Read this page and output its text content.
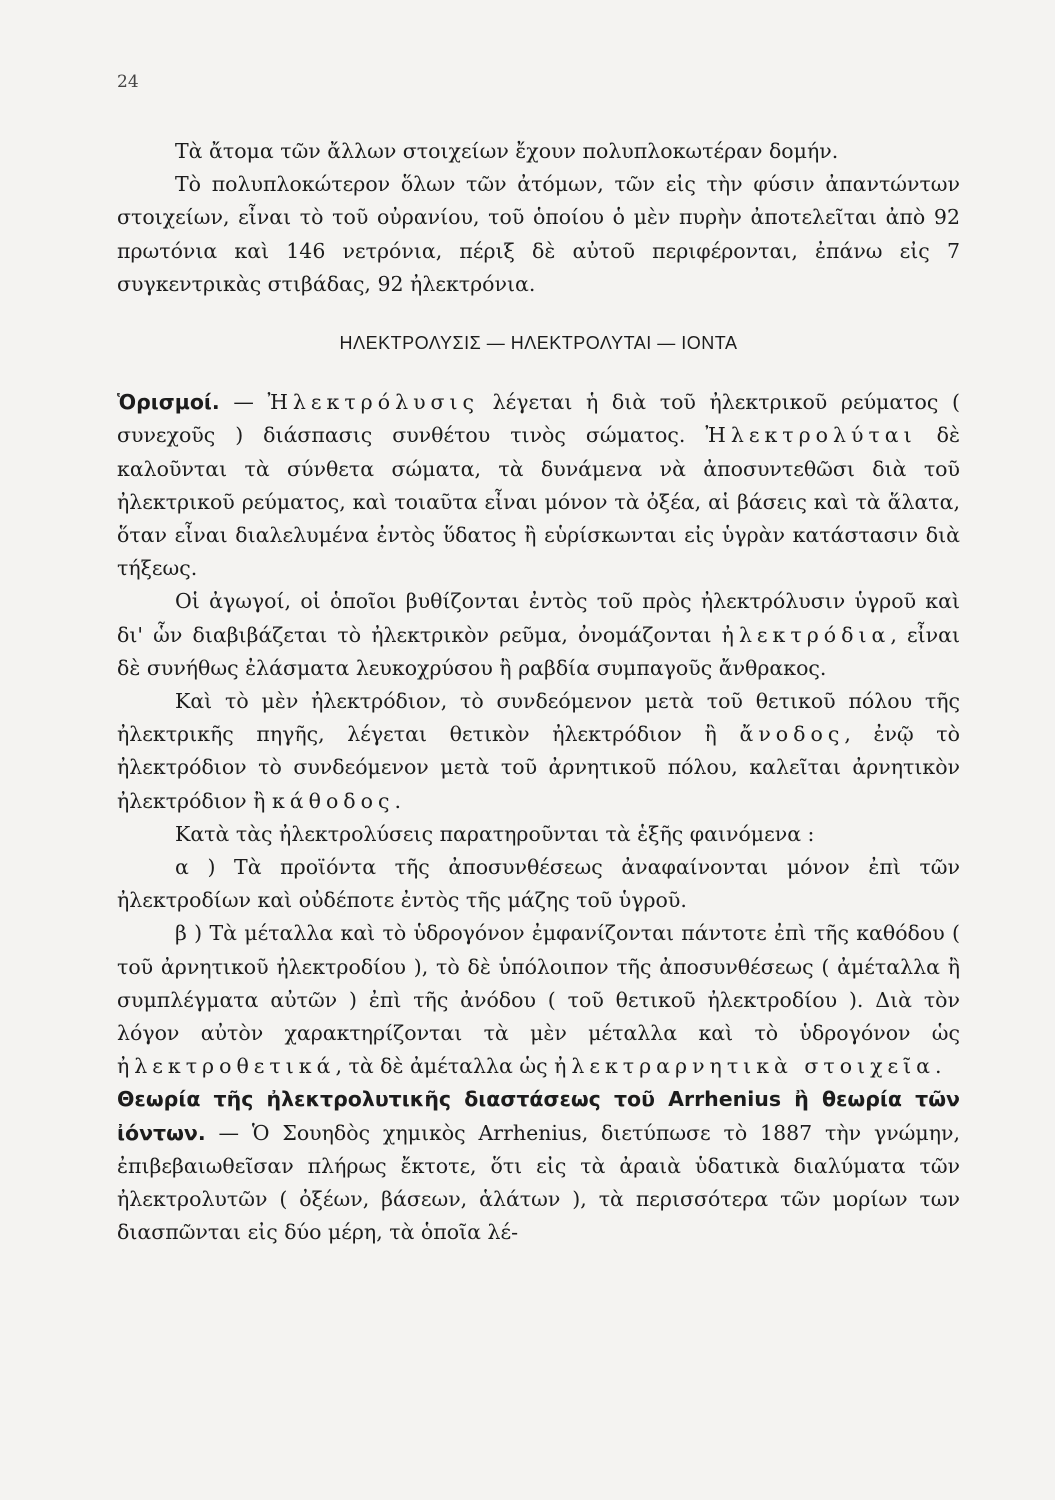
24

Τὰ ἄτομα τῶν ἄλλων στοιχείων ἔχουν πολυπλοκωτέραν δομήν.

Τὸ πολυπλοκώτερον ὅλων τῶν ἀτόμων, τῶν εἰς τὴν φύσιν ἀπαντώντων στοιχείων, εἶναι τὸ τοῦ οὐρανίου, τοῦ ὁποίου ὁ μὲν πυρὴν ἀποτελεῖται ἀπὸ 92 πρωτόνια καὶ 146 νετρόνια, πέριξ δὲ αὐτοῦ περιφέρονται, ἐπάνω εἰς 7 συγκεντρικὰς στιβάδας, 92 ἠλεκτρόνια.

ΗΛΕΚΤΡΟΛΥΣΙΣ — ΗΛΕΚΤΡΟΛΥΤΑΙ — ΙΟΝΤΑ

Ὁρισμοί. — Ἠλεκτρόλυσις λέγεται ἡ διὰ τοῦ ἠλεκτρικοῦ ρεύματος ( συνεχοῦς ) διάσπασις συνθέτου τινὸς σώματος. Ἠλεκτρολύται δὲ καλοῦνται τὰ σύνθετα σώματα, τὰ δυνάμενα νὰ ἀποσυντεθῶσι διὰ τοῦ ἠλεκτρικοῦ ρεύματος, καὶ τοιαῦτα εἶναι μόνον τὰ ὀξέα, αἱ βάσεις καὶ τὰ ἅλατα, ὅταν εἶναι διαλελυμένα ἐντὸς ὕδατος ἢ εὑρίσκωνται εἰς ὑγρὰν κατάστασιν διὰ τήξεως.

Οἱ ἀγωγοί, οἱ ὁποῖοι βυθίζονται ἐντὸς τοῦ πρὸς ἠλεκτρόλυσιν ὑγροῦ καὶ δι' ὧν διαβιβάζεται τὸ ἠλεκτρικὸν ρεῦμα, ὀνομάζονται ἠλεκτρόδια, εἶναι δὲ συνήθως ἐλάσματα λευκοχρύσου ἢ ραβδία συμπαγοῦς ἄνθρακος.

Καὶ τὸ μὲν ἠλεκτρόδιον, τὸ συνδεόμενον μετὰ τοῦ θετικοῦ πόλου τῆς ἠλεκτρικῆς πηγῆς, λέγεται θετικὸν ἠλεκτρόδιον ἢ ἄνοδος, ἐνῷ τὸ ἠλεκτρόδιον τὸ συνδεόμενον μετὰ τοῦ ἀρνητικοῦ πόλου, καλεῖται ἀρνητικὸν ἠλεκτρόδιον ἢ κάθοδος.

Κατὰ τὰς ἠλεκτρολύσεις παρατηροῦνται τὰ ἑξῆς φαινόμενα :

α ) Τὰ προϊόντα τῆς ἀποσυνθέσεως ἀναφαίνονται μόνον ἐπὶ τῶν ἠλεκτροδίων καὶ οὐδέποτε ἐντὸς τῆς μάζης τοῦ ὑγροῦ.

β ) Τὰ μέταλλα καὶ τὸ ὑδρογόνον ἐμφανίζονται πάντοτε ἐπὶ τῆς καθόδου ( τοῦ ἀρνητικοῦ ἠλεκτροδίου ), τὸ δὲ ὑπόλοιπον τῆς ἀποσυνθέσεως ( ἀμέταλλα ἢ συμπλέγματα αὐτῶν ) ἐπὶ τῆς ἀνόδου ( τοῦ θετικοῦ ἠλεκτροδίου ). Διὰ τὸν λόγον αὐτὸν χαρακτηρίζονται τὰ μὲν μέταλλα καὶ τὸ ὑδρογόνον ὡς ἠλεκτροθετικά, τὰ δὲ ἀμέταλλα ὡς ἠλεκτραρνητικὰ στοιχεῖα.

Θεωρία τῆς ἠλεκτρολυτικῆς διαστάσεως τοῦ Arrhenius ἢ θεωρία τῶν ἰόντων. — Ὁ Σουηδὸς χημικὸς Arrhenius, διετύπωσε τὸ 1887 τὴν γνώμην, ἐπιβεβαιωθεῖσαν πλήρως ἔκτοτε, ὅτι εἰς τὰ ἀραιὰ ὑδατικὰ διαλύματα τῶν ἠλεκτρολυτῶν ( ὀξέων, βάσεων, ἁλάτων ), τὰ περισσότερα τῶν μορίων των διασπῶνται εἰς δύο μέρη, τὰ ὁποῖα λέ-
